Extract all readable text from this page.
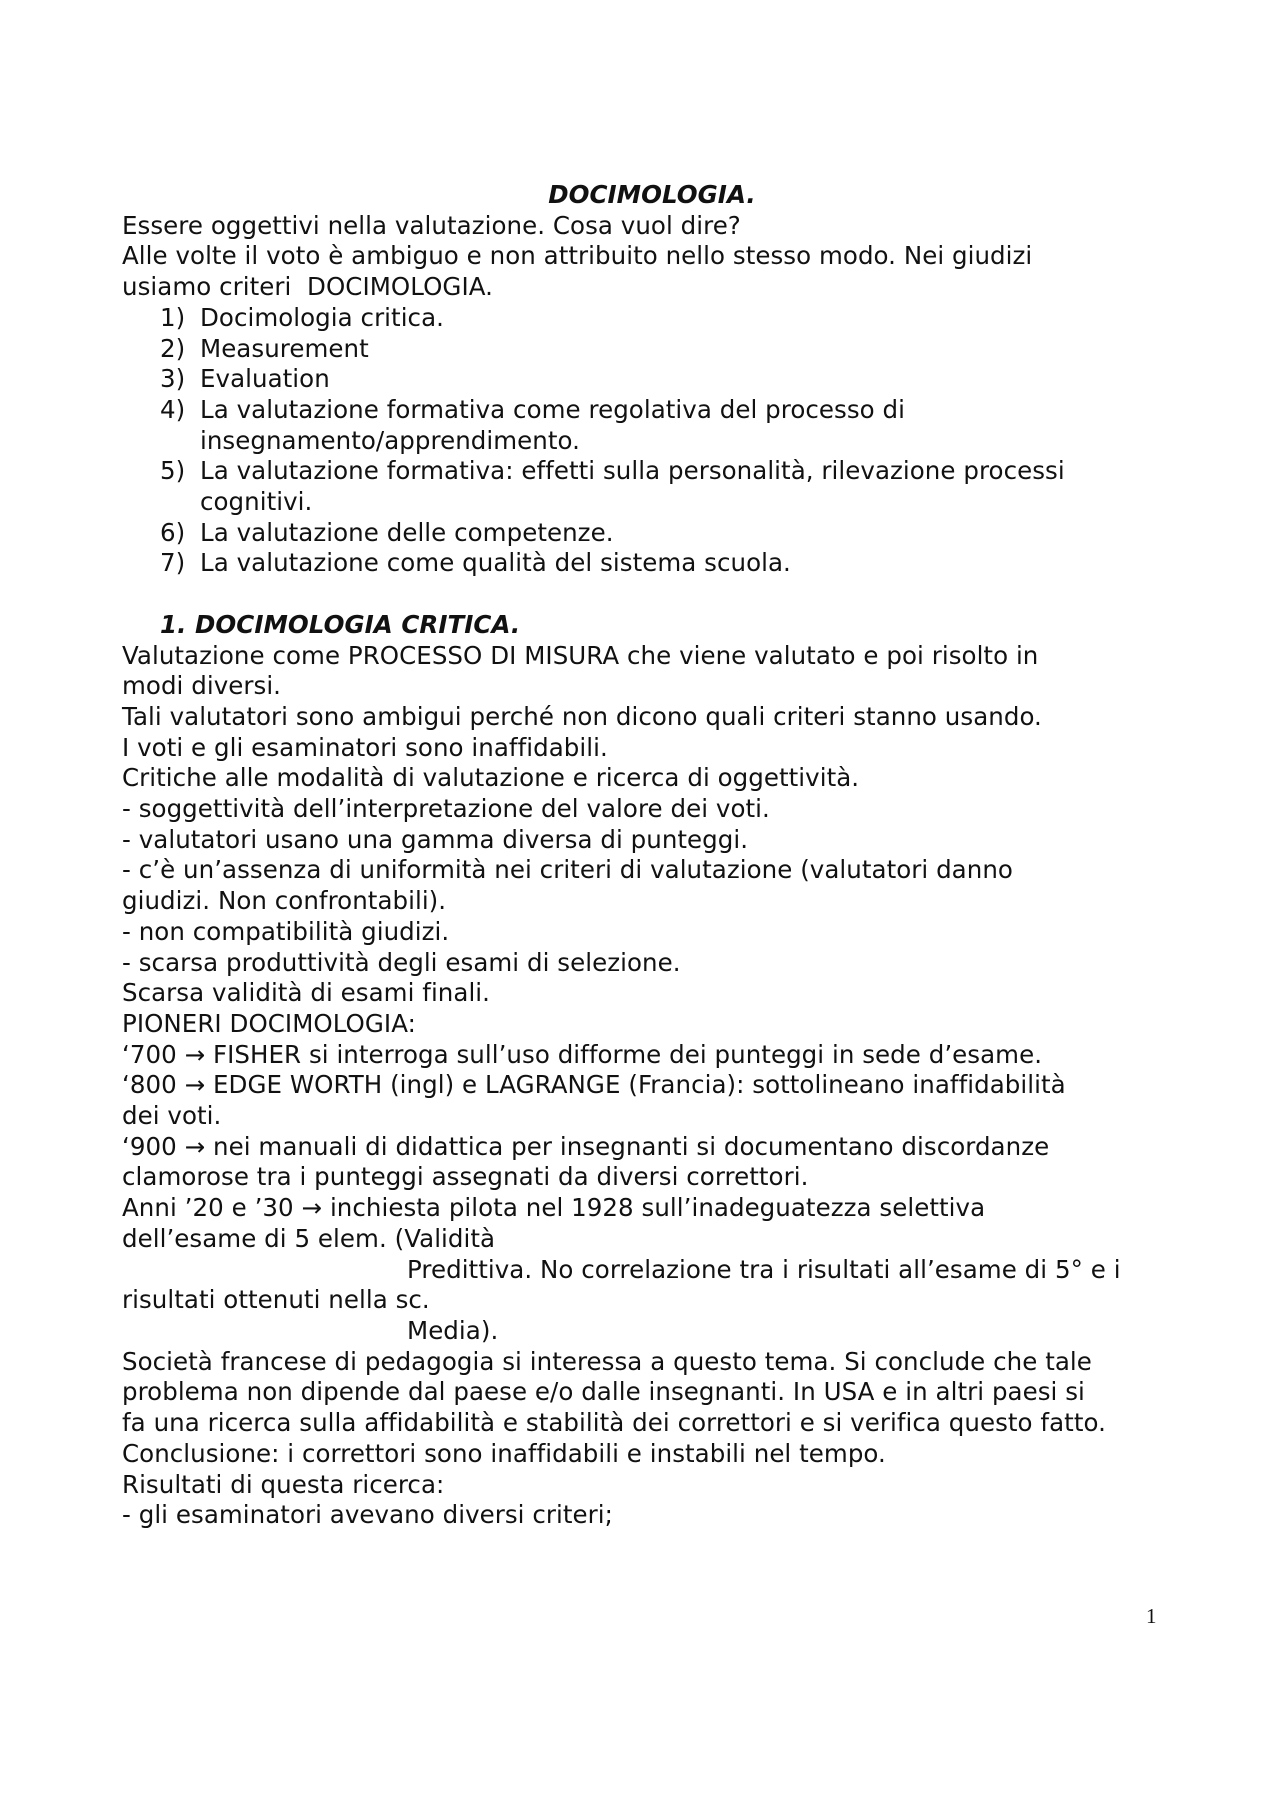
DOCIMOLOGIA.

Essere oggettivi nella valutazione. Cosa vuol dire?

Alle volte il voto è ambiguo e non attribuito nello stesso modo. Nei giudizi

usiamo criteri  DOCIMOLOGIA.

1) Docimologia critica.
2) Measurement
3) Evaluation
4) La valutazione formativa come regolativa del processo di
insegnamento/apprendimento.
5) La valutazione formativa: effetti sulla personalità, rilevazione processi
cognitivi.
6) La valutazione delle competenze.
7) La valutazione come qualità del sistema scuola.

1. DOCIMOLOGIA CRITICA.

Valutazione come PROCESSO DI MISURA che viene valutato e poi risolto in

modi diversi.

Tali valutatori sono ambigui perché non dicono quali criteri stanno usando.

I voti e gli esaminatori sono inaffidabili.

Critiche alle modalità di valutazione e ricerca di oggettività.

- soggettività dell’interpretazione del valore dei voti.

- valutatori usano una gamma diversa di punteggi.

- c’è un’assenza di uniformità nei criteri di valutazione (valutatori danno

giudizi. Non confrontabili).

- non compatibilità giudizi.

- scarsa produttività degli esami di selezione.

Scarsa validità di esami finali.

PIONERI DOCIMOLOGIA:

‘700 → FISHER si interroga sull’uso difforme dei punteggi in sede d’esame.

‘800 → EDGE WORTH (ingl) e LAGRANGE (Francia): sottolineano inaffidabilità

dei voti.

‘900 → nei manuali di didattica per insegnanti si documentano discordanze

clamorose tra i punteggi assegnati da diversi correttori.

Anni ’20 e ’30 → inchiesta pilota nel 1928 sull’inadeguatezza selettiva

dell’esame di 5 elem. (Validità

Predittiva. No correlazione tra i risultati all’esame di 5° e i

risultati ottenuti nella sc.

Media).

Società francese di pedagogia si interessa a questo tema. Si conclude che tale

problema non dipende dal paese e/o dalle insegnanti. In USA e in altri paesi si

fa una ricerca sulla affidabilità e stabilità dei correttori e si verifica questo fatto.

Conclusione: i correttori sono inaffidabili e instabili nel tempo.

Risultati di questa ricerca:

- gli esaminatori avevano diversi criteri;

1
